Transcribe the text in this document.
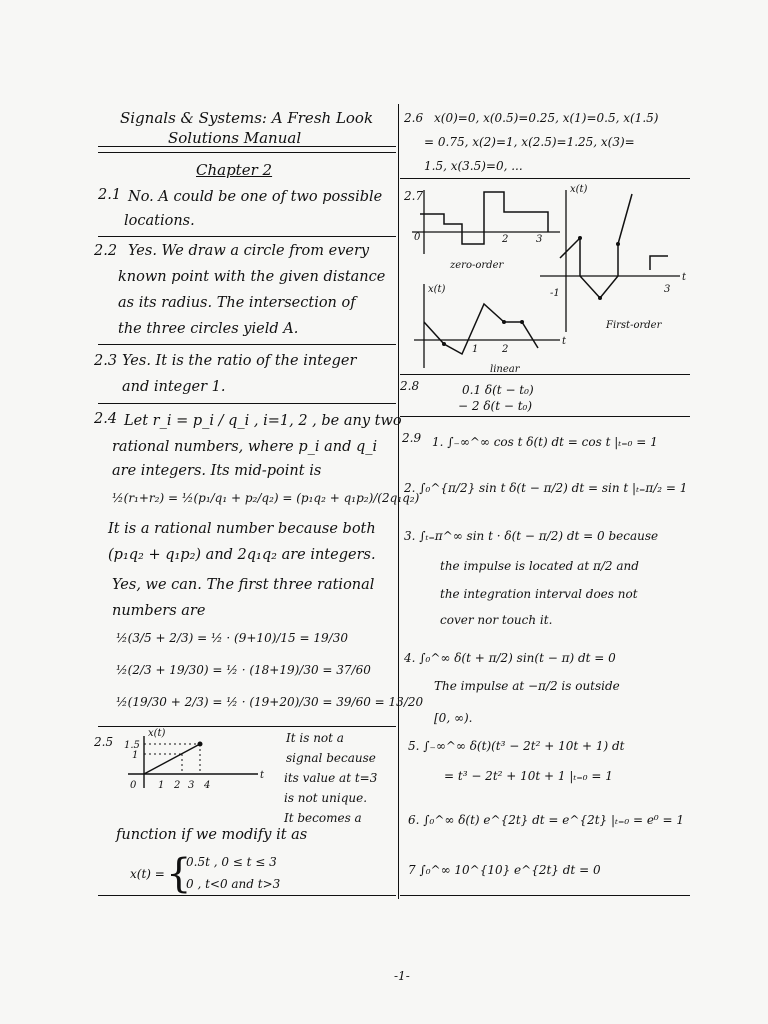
Signals & Systems: A Fresh Look
Solutions Manual
Chapter 2
2.1 No. A could be one of two possible
locations.
2.2 Yes. We draw a circle from every
known point with the given distance
as its radius. The intersection of
the three circles yield A.
2.3 Yes. It is the ratio of the integer
and integer 1.
2.4 Let r_i = p_i / q_i , i=1, 2 , be any two
rational numbers, where p_i and q_i
are integers. Its mid-point is
½(r₁+r₂) = ½(p₁/q₁ + p₂/q₂) = (p₁q₂ + q₁p₂)/(2q₁q₂)
It is a rational number because both
(p₁q₂ + q₁p₂) and 2q₁q₂ are integers.
Yes, we can. The first three rational
numbers are
½(3/5 + 2/3) = ½ · (9+10)/15 = 19/30
½(2/3 + 19/30) = ½ · (18+19)/30 = 37/60
½(19/30 + 2/3) = ½ · (19+20)/30 = 39/60 = 13/20
2.5
x(t)
1.5
1
t
0 1 2 3 4
It is not a
signal because
its value at t=3
is not unique.
It becomes a
function if we modify it as
x(t) = {
0.5t , 0 ≤ t ≤ 3
0 , t<0 and t>3
2.6 x(0)=0, x(0.5)=0.25, x(1)=0.5, x(1.5)
= 0.75, x(2)=1, x(2.5)=1.25, x(3)=
1.5, x(3.5)=0, ...
2.7
0	2	3
zero-order
x(t)
t
-1	3
First-order
x(t)
t
1 2
linear
2.8	0.1 δ(t − t₀)
− 2 δ(t − t₀)
2.9 1. ∫₋∞^∞ cos t δ(t) dt = cos t |ₜ₌₀ = 1
2. ∫₀^{π/2} sin t δ(t − π/2) dt = sin t |ₜ₌π/₂ = 1
3. ∫ₜ₌π^∞ sin t · δ(t − π/2) dt = 0 because
the impulse is located at π/2 and
the integration interval does not
cover nor touch it.
4. ∫₀^∞ δ(t + π/2) sin(t − π) dt = 0
The impulse at −π/2 is outside
[0, ∞).
5. ∫₋∞^∞ δ(t)(t³ − 2t² + 10t + 1) dt
= t³ − 2t² + 10t + 1 |ₜ₌₀ = 1
6. ∫₀^∞ δ(t) e^{2t} dt = e^{2t} |ₜ₌₀ = e⁰ = 1
7 ∫₀^∞ 10^{10} e^{2t} dt = 0
-1-
